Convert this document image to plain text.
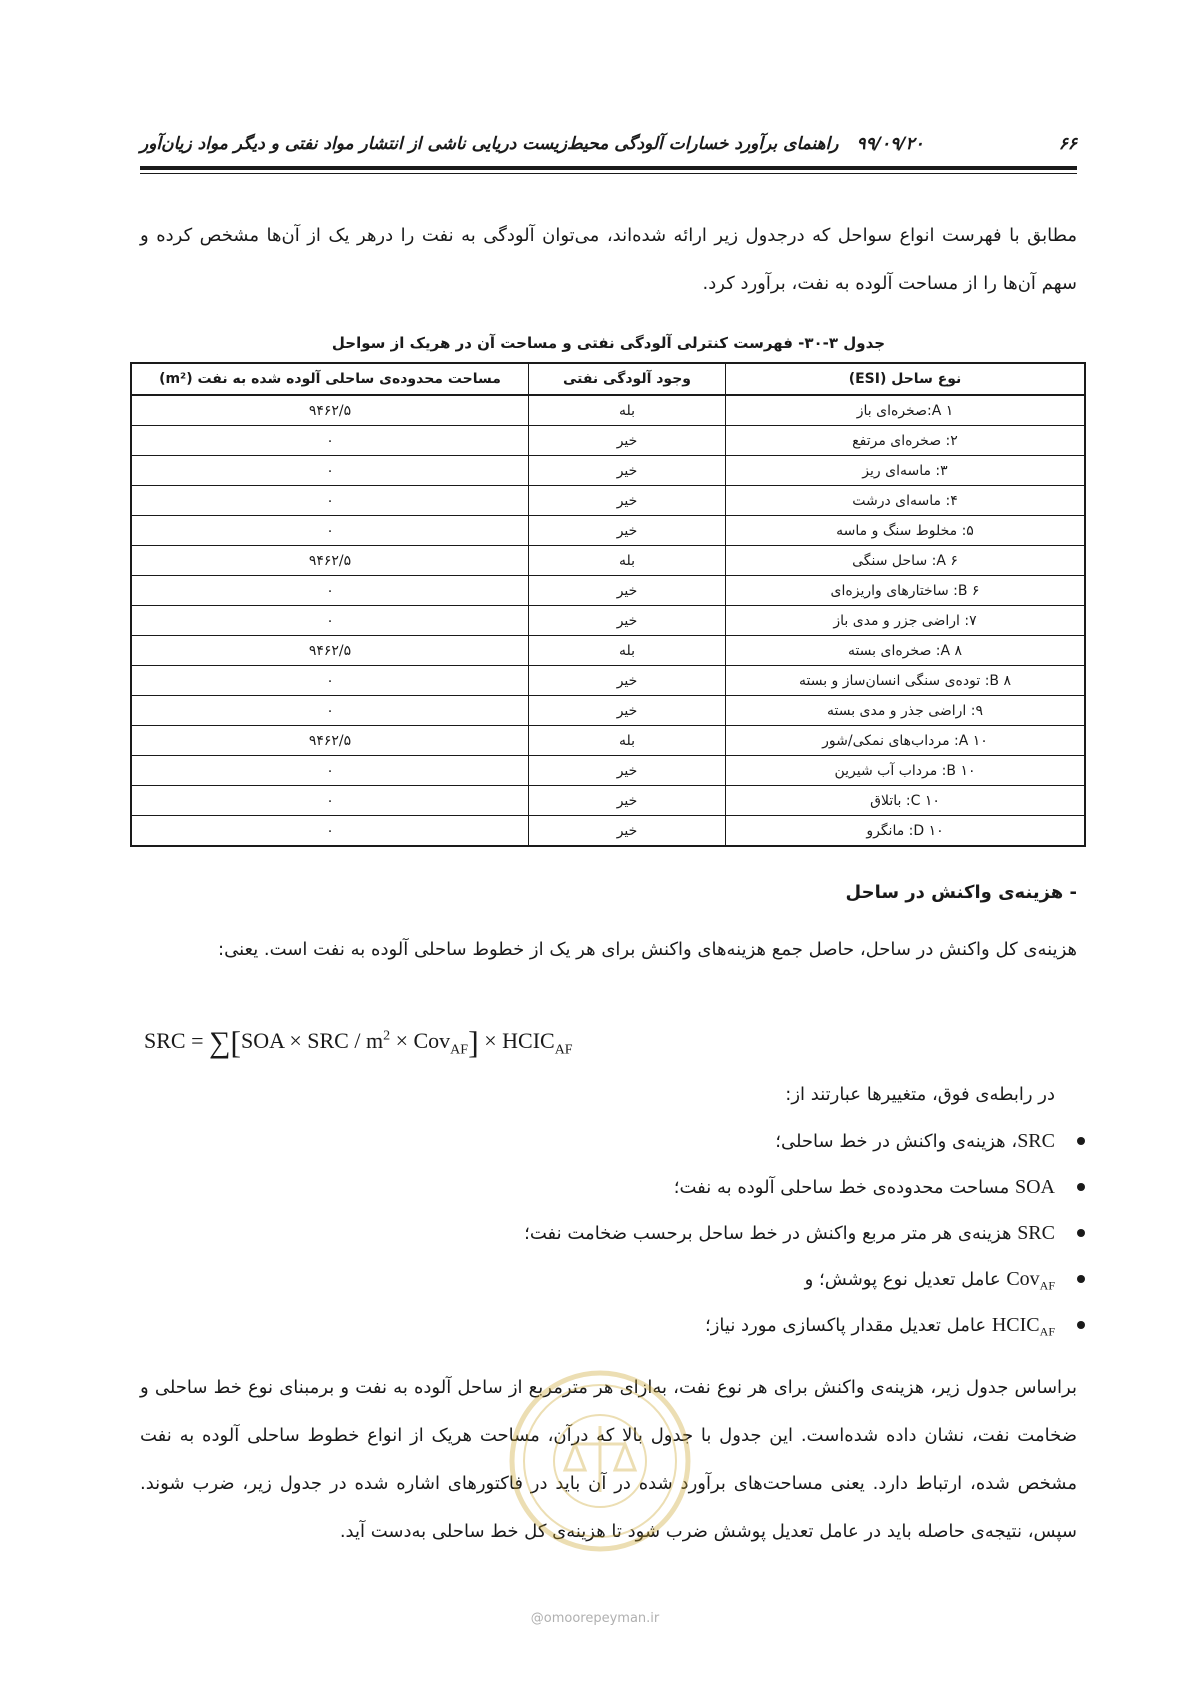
۶۶
۹۹/۰۹/۲۰راهنمای برآورد خسارات آلودگی محیط‌زیست دریایی ناشی از انتشار مواد نفتی و دیگر مواد زیان‌آور
مطابق با فهرست انواع سواحل که درجدول زیر ارائه شده‌اند، می‌توان آلودگی به نفت را درهر یک از آن‌ها مشخص کرده و سهم آن‌ها را از مساحت آلوده به نفت، برآورد کرد.
جدول ۳-۳۰- فهرست کنترلی آلودگی نفتی و مساحت آن در هریک از سواحل
نوع ساحل (ESI)	وجود آلودگی نفتی	مساحت محدوده‌ی ساحلی آلوده شده به نفت (m²)
A ۱:صخره‌ای باز	بله	۹۴۶۲/۵
۲: صخره‌ای مرتفع	خیر	۰
۳: ماسه‌ای ریز	خیر	۰
۴: ماسه‌ای درشت	خیر	۰
۵: مخلوط سنگ و ماسه	خیر	۰
A ۶: ساحل سنگی	بله	۹۴۶۲/۵
B ۶: ساختارهای واریزه‌ای	خیر	۰
۷: اراضی جزر و مدی باز	خیر	۰
A ۸: صخره‌ای بسته	بله	۹۴۶۲/۵
B ۸: توده‌ی سنگی انسان‌ساز و بسته	خیر	۰
۹: اراضی جذر و مدی بسته	خیر	۰
A ۱۰: مرداب‌های نمکی/شور	بله	۹۴۶۲/۵
B ۱۰: مرداب آب شیرین	خیر	۰
C ۱۰: باتلاق	خیر	۰
D ۱۰: مانگرو	خیر	۰
- هزینه‌ی واکنش در ساحل
هزینه‌ی کل واکنش در ساحل، حاصل جمع هزینه‌های واکنش برای هر یک از خطوط ساحلی آلوده به نفت است. یعنی:
SRC = ∑[SOA × SRC / $m^2 \times Cov_{AF}$] × $HCIC_{AF}$
در رابطه‌ی فوق، متغییرها عبارتند از:
SRC، هزینه‌ی واکنش در خط ساحلی؛
SOA مساحت محدوده‌ی خط ساحلی آلوده به نفت؛
SRC هزینه‌ی هر متر مربع واکنش در خط ساحل برحسب ضخامت نفت؛
Cov$_{AF}$ عامل تعدیل نوع پوشش؛ و
$HCIC_{AF}$ عامل تعدیل مقدار پاکسازی مورد نیاز؛
براساس جدول زیر، هزینه‌ی واکنش برای هر نوع نفت، به‌ازای هر مترمربع از ساحل آلوده به نفت و برمبنای نوع خط ساحلی و ضخامت نفت، نشان داده شده‌است. این جدول با جدول بالا که درآن، مساحت هریک از انواع خطوط ساحلی آلوده به نفت مشخص شده، ارتباط دارد. یعنی مساحت‌های برآورد شده در آن باید در فاکتورهای اشاره شده در جدول زیر، ضرب شوند. سپس، نتیجه‌ی حاصله باید در عامل تعدیل پوشش ضرب شود تا هزینه‌ی کل خط ساحلی به‌دست آید.
@omoorepeyman.ir
